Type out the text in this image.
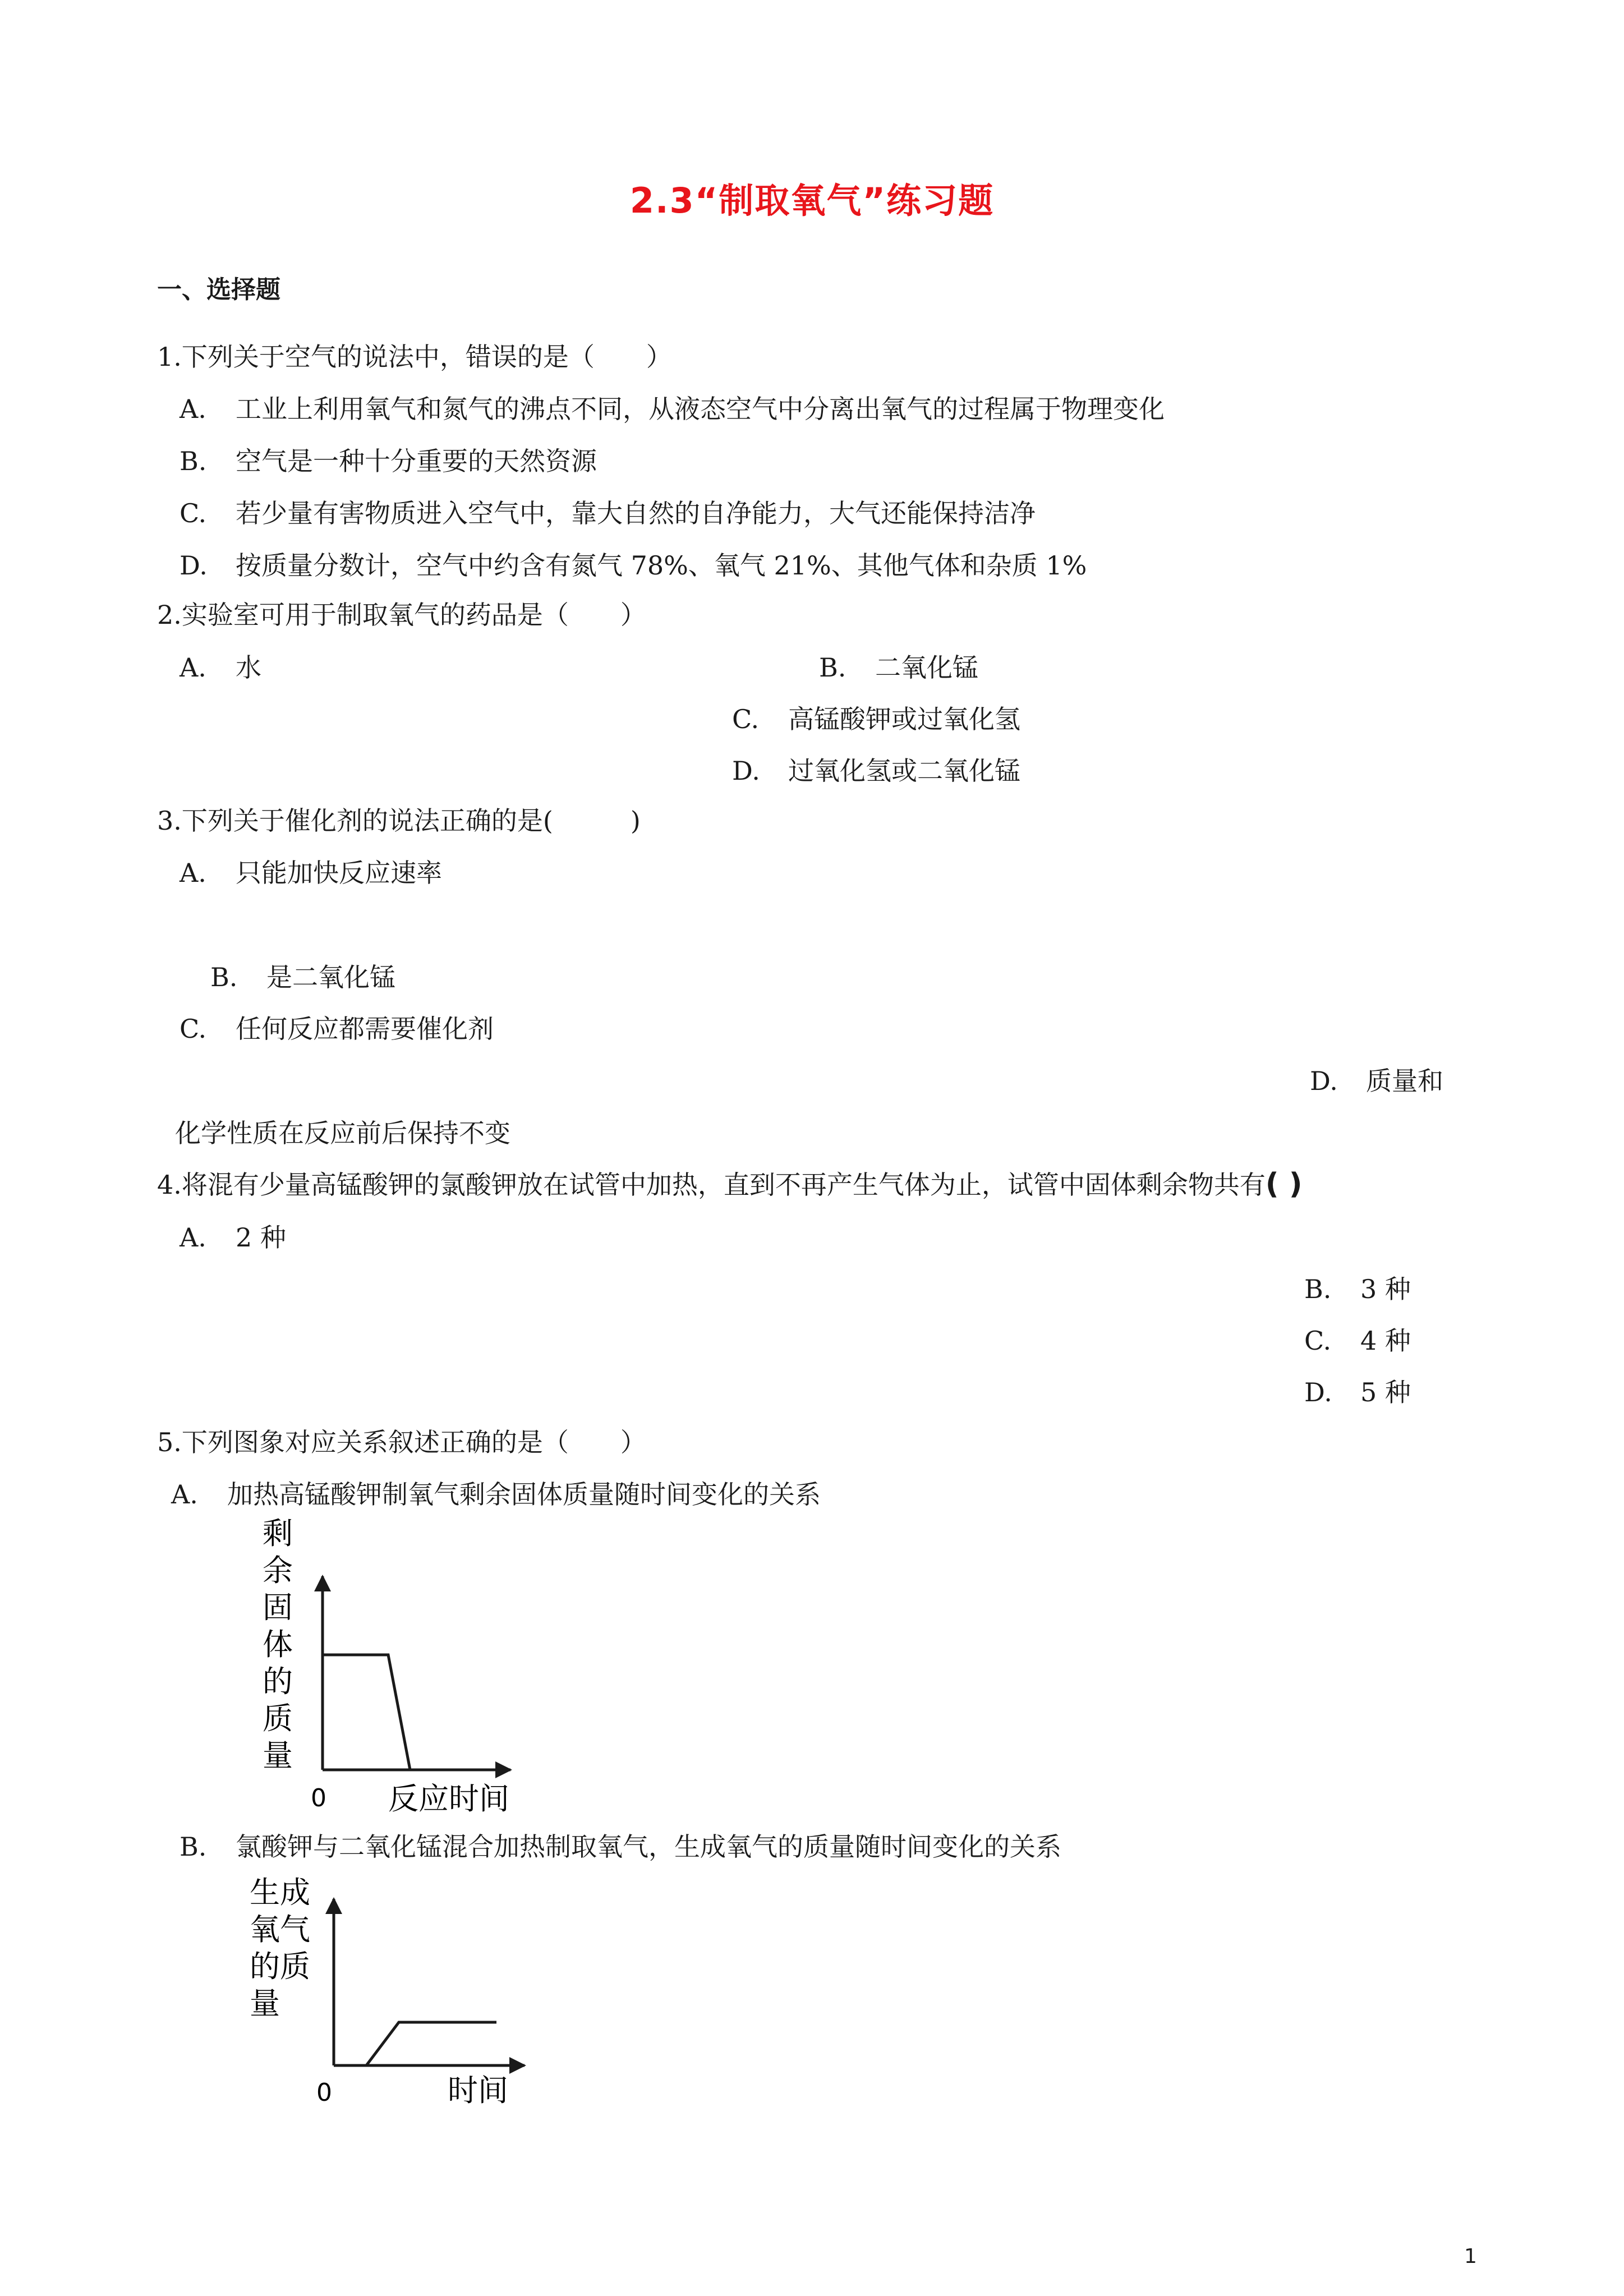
2.3“制取氧气”练习题
一、选择题
1.下列关于空气的说法中，错误的是（　　）
A. 工业上利用氧气和氮气的沸点不同，从液态空气中分离出氧气的过程属于物理变化
B. 空气是一种十分重要的天然资源
C. 若少量有害物质进入空气中，靠大自然的自净能力，大气还能保持洁净
D. 按质量分数计，空气中约含有氮气 78%、氧气 21%、其他气体和杂质 1%
2.实验室可用于制取氧气的药品是（　　）
A. 水	B. 二氧化锰
C. 高锰酸钾或过氧化氢
D. 过氧化氢或二氧化锰
3.下列关于催化剂的说法正确的是(　　　)
A. 只能加快反应速率
B. 是二氧化锰
C. 任何反应都需要催化剂
D. 质量和
化学性质在反应前后保持不变
4.将混有少量高锰酸钾的氯酸钾放在试管中加热，直到不再产生气体为止，试管中固体剩余物共有( )
A. 2 种
B. 3 种
C. 4 种
D. 5 种
5.下列图象对应关系叙述正确的是（　　）
A. 加热高锰酸钾制氧气剩余固体质量随时间变化的关系
剩
余
固
体
的
质
量
0 反应时间
B. 氯酸钾与二氧化锰混合加热制取氧气，生成氧气的质量随时间变化的关系
生成
氧气
的质
量
0	时间
1
